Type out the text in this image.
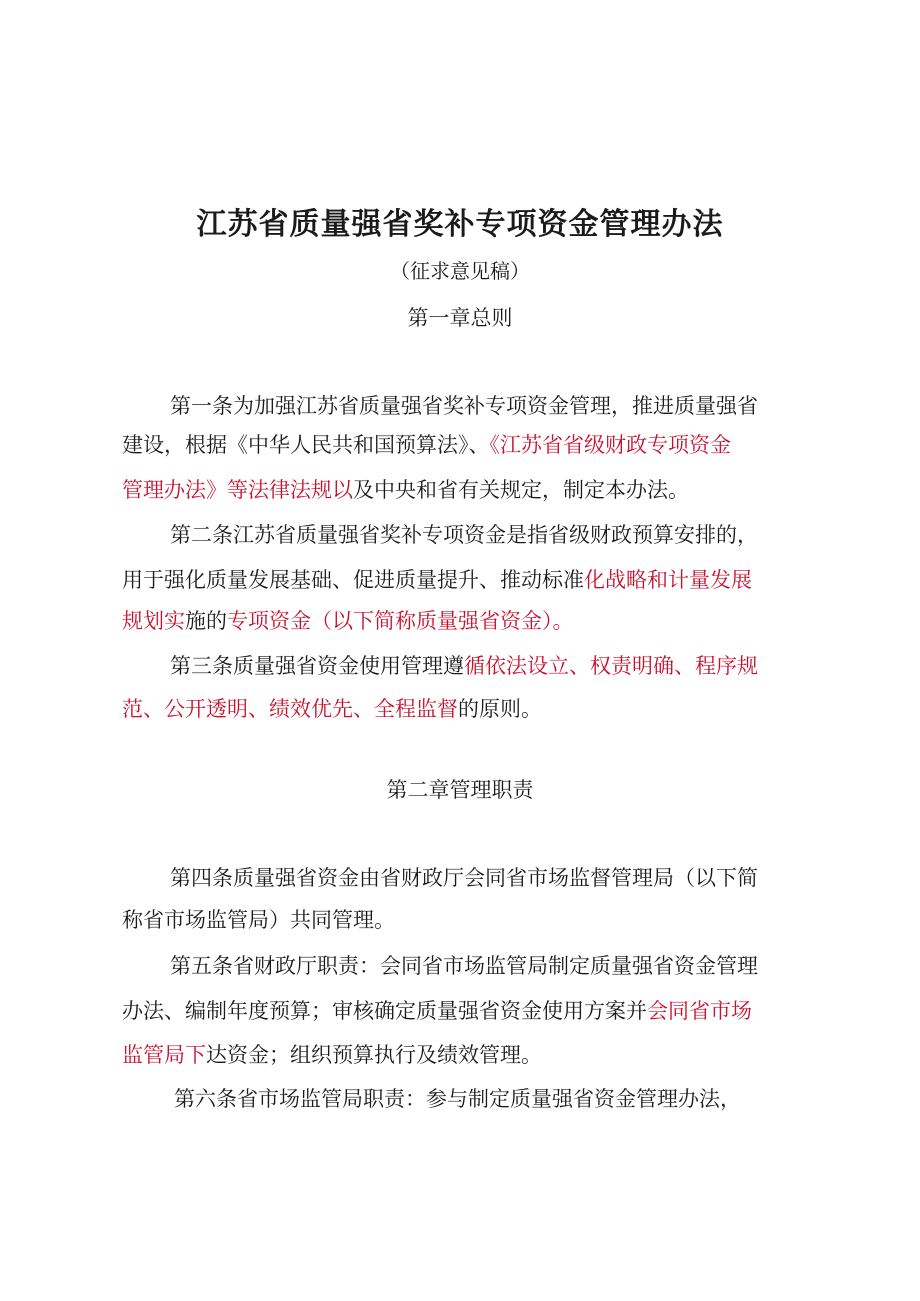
江苏省质量强省奖补专项资金管理办法
（征求意见稿）
第一章总则
第一条为加强江苏省质量强省奖补专项资金管理，推进质量强省
建设，根据《中华人民共和国预算法》、《江苏省省级财政专项资金
管理办法》等法律法规以及中央和省有关规定，制定本办法。
第二条江苏省质量强省奖补专项资金是指省级财政预算安排的，
用于强化质量发展基础、促进质量提升、推动标准化战略和计量发展
规划实施的专项资金（以下简称质量强省资金）。
第三条质量强省资金使用管理遵循依法设立、权责明确、程序规
范、公开透明、绩效优先、全程监督的原则。
第二章管理职责
第四条质量强省资金由省财政厅会同省市场监督管理局（以下简
称省市场监管局）共同管理。
第五条省财政厅职责：会同省市场监管局制定质量强省资金管理
办法、编制年度预算；审核确定质量强省资金使用方案并会同省市场
监管局下达资金；组织预算执行及绩效管理。
第六条省市场监管局职责：参与制定质量强省资金管理办法，
